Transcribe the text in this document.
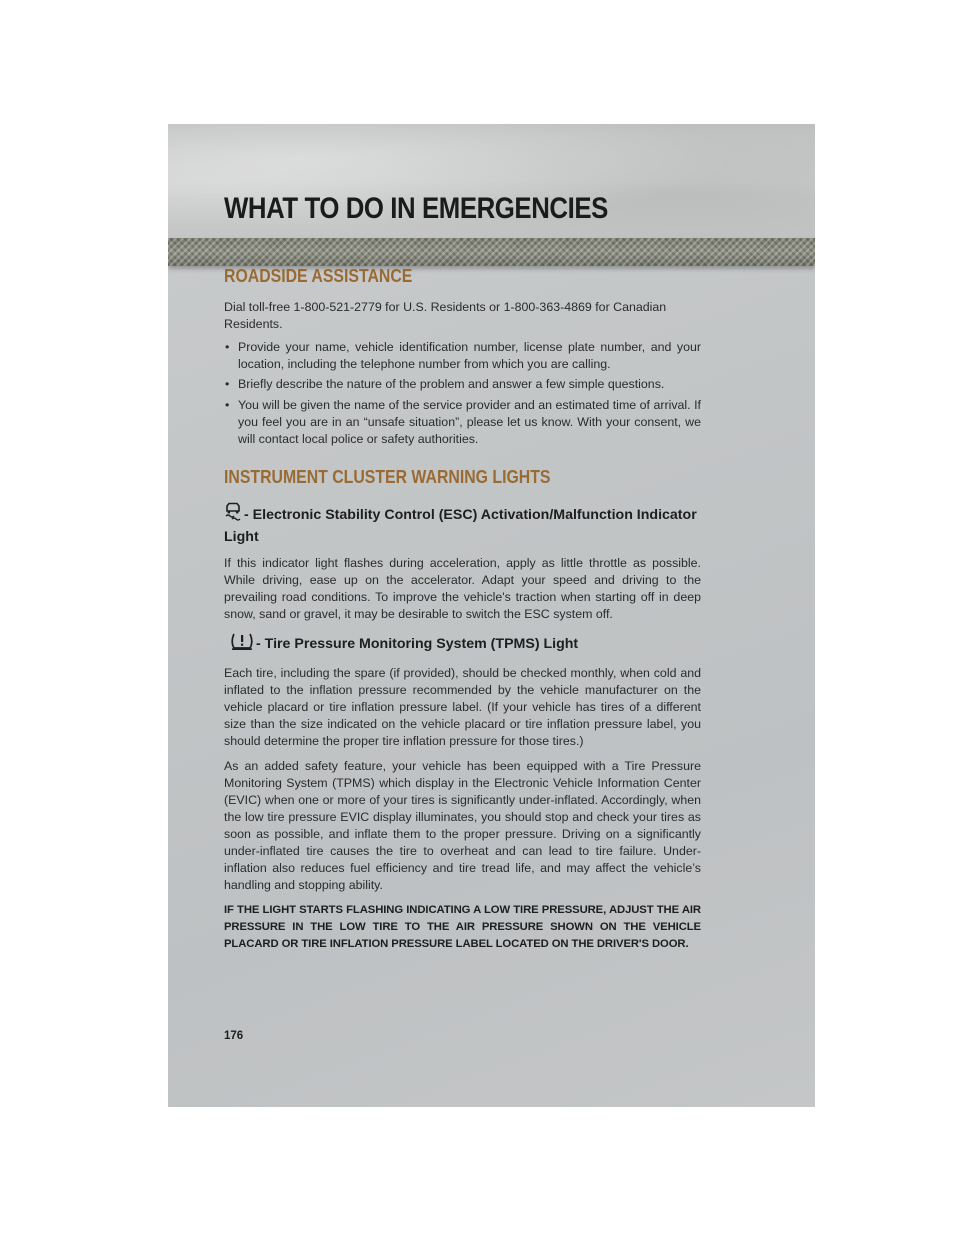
WHAT TO DO IN EMERGENCIES
ROADSIDE ASSISTANCE

Dial toll-free 1-800-521-2779 for U.S. Residents or 1-800-363-4869 for Canadian Residents.

• Provide your name, vehicle identification number, license plate number, and your location, including the telephone number from which you are calling.
• Briefly describe the nature of the problem and answer a few simple questions.
• You will be given the name of the service provider and an estimated time of arrival. If you feel you are in an “unsafe situation”, please let us know. With your consent, we will contact local police or safety authorities.
INSTRUMENT CLUSTER WARNING LIGHTS

- Electronic Stability Control (ESC) Activation/Malfunction Indicator Light

If this indicator light flashes during acceleration, apply as little throttle as possible. While driving, ease up on the accelerator. Adapt your speed and driving to the prevailing road conditions. To improve the vehicle's traction when starting off in deep snow, sand or gravel, it may be desirable to switch the ESC system off.

- Tire Pressure Monitoring System (TPMS) Light

Each tire, including the spare (if provided), should be checked monthly, when cold and inflated to the inflation pressure recommended by the vehicle manufacturer on the vehicle placard or tire inflation pressure label. (If your vehicle has tires of a different size than the size indicated on the vehicle placard or tire inflation pressure label, you should determine the proper tire inflation pressure for those tires.)

As an added safety feature, your vehicle has been equipped with a Tire Pressure Monitoring System (TPMS) which display in the Electronic Vehicle Information Center (EVIC) when one or more of your tires is significantly under-inflated. Accordingly, when the low tire pressure EVIC display illuminates, you should stop and check your tires as soon as possible, and inflate them to the proper pressure. Driving on a significantly under-inflated tire causes the tire to overheat and can lead to tire failure. Under-inflation also reduces fuel efficiency and tire tread life, and may affect the vehicle’s handling and stopping ability.

IF THE LIGHT STARTS FLASHING INDICATING A LOW TIRE PRESSURE, ADJUST THE AIR PRESSURE IN THE LOW TIRE TO THE AIR PRESSURE SHOWN ON THE VEHICLE PLACARD OR TIRE INFLATION PRESSURE LABEL LOCATED ON THE DRIVER'S DOOR.

176
